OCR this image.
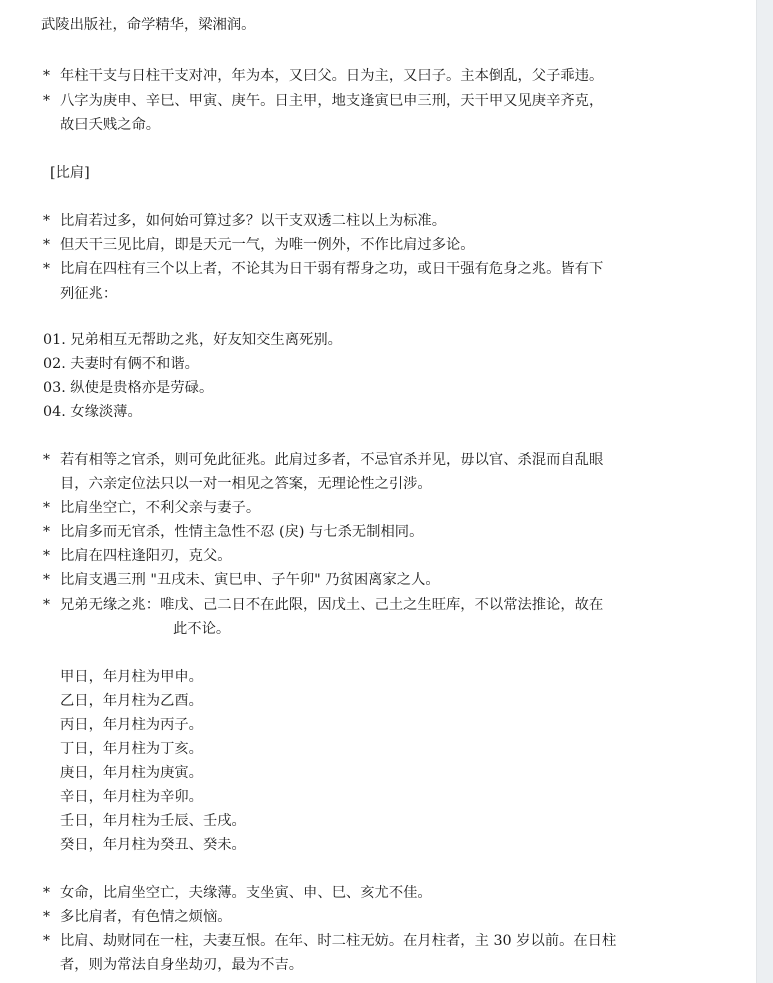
武陵出版社，命学精华，梁湘润。
* 年柱干支与日柱干支对冲，年为本，又曰父。日为主，又曰子。主本倒乱，父子乖违。
* 八字为庚申、辛巳、甲寅、庚午。日主甲，地支逢寅巳申三刑，天干甲又见庚辛齐克，
故曰夭贱之命。
[比肩]
* 比肩若过多，如何始可算过多？以干支双透二柱以上为标准。
* 但天干三见比肩，即是天元一气，为唯一例外，不作比肩过多论。
* 比肩在四柱有三个以上者，不论其为日干弱有帮身之功，或日干强有危身之兆。皆有下
列征兆：
01. 兄弟相互无帮助之兆，好友知交生离死别。
02. 夫妻时有俩不和谐。
03. 纵使是贵格亦是劳碌。
04. 女缘淡薄。
* 若有相等之官杀，则可免此征兆。此肩过多者，不忌官杀并见，毋以官、杀混而自乱眼
目，六亲定位法只以一对一相见之答案，无理论性之引涉。
* 比肩坐空亡，不利父亲与妻子。
* 比肩多而无官杀，性情主急性不忍 (戾) 与七杀无制相同。
* 比肩在四柱逢阳刃，克父。
* 比肩支遇三刑 "丑戌未、寅巳申、子午卯" 乃贫困离家之人。
* 兄弟无缘之兆：唯戊、己二日不在此限，因戊土、己土之生旺库，不以常法推论，故在
此不论。
甲日，年月柱为甲申。
乙日，年月柱为乙酉。
丙日，年月柱为丙子。
丁日，年月柱为丁亥。
庚日，年月柱为庚寅。
辛日，年月柱为辛卯。
壬日，年月柱为壬辰、壬戌。
癸日，年月柱为癸丑、癸未。
* 女命，比肩坐空亡，夫缘薄。支坐寅、申、巳、亥尤不佳。
* 多比肩者，有色情之烦恼。
* 比肩、劫财同在一柱，夫妻互恨。在年、时二柱无妨。在月柱者，主 30 岁以前。在日柱
者，则为常法自身坐劫刃，最为不吉。
